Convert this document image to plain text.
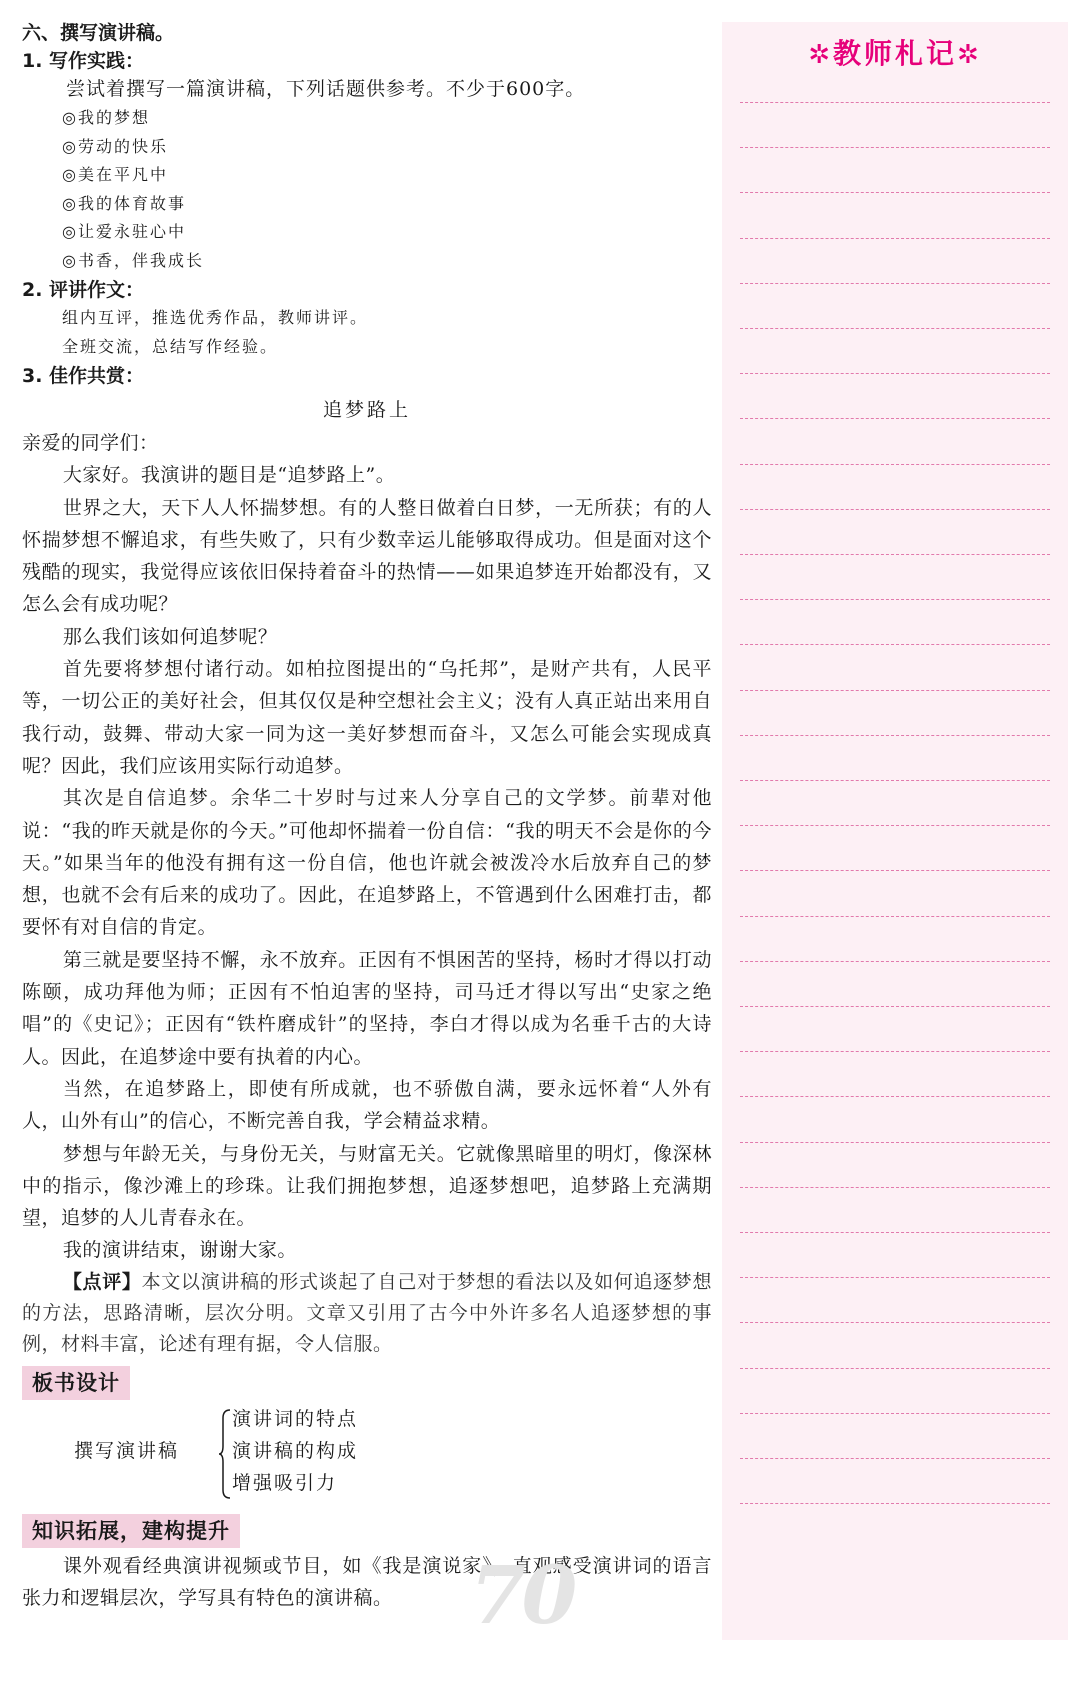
六、撰写演讲稿。
1. 写作实践：

尝试着撰写一篇演讲稿，下列话题供参考。不少于600字。

◎我的梦想
◎劳动的快乐
◎美在平凡中
◎我的体育故事
◎让爱永驻心中
◎书香，伴我成长
2. 评讲作文：
组内互评，推选优秀作品，教师讲评。
全班交流，总结写作经验。
3. 佳作共赏：
追梦路上

亲爱的同学们：

大家好。我演讲的题目是“追梦路上”。

世界之大，天下人人怀揣梦想。有的人整日做着白日梦，一无所获；有的人怀揣梦想不懈追求，有些失败了，只有少数幸运儿能够取得成功。但是面对这个残酷的现实，我觉得应该依旧保持着奋斗的热情——如果追梦连开始都没有，又怎么会有成功呢？

那么我们该如何追梦呢？

首先要将梦想付诸行动。如柏拉图提出的“乌托邦”，是财产共有，人民平等，一切公正的美好社会，但其仅仅是种空想社会主义；没有人真正站出来用自我行动，鼓舞、带动大家一同为这一美好梦想而奋斗，又怎么可能会实现成真呢？因此，我们应该用实际行动追梦。

其次是自信追梦。余华二十岁时与过来人分享自己的文学梦。前辈对他说：“我的昨天就是你的今天。”可他却怀揣着一份自信：“我的明天不会是你的今天。”如果当年的他没有拥有这一份自信，他也许就会被泼冷水后放弃自己的梦想，也就不会有后来的成功了。因此，在追梦路上，不管遇到什么困难打击，都要怀有对自信的肯定。

第三就是要坚持不懈，永不放弃。正因有不惧困苦的坚持，杨时才得以打动陈颐，成功拜他为师；正因有不怕迫害的坚持，司马迁才得以写出“史家之绝唱”的《史记》；正因有“铁杵磨成针”的坚持，李白才得以成为名垂千古的大诗人。因此，在追梦途中要有执着的内心。

当然，在追梦路上，即使有所成就，也不骄傲自满，要永远怀着“人外有人，山外有山”的信心，不断完善自我，学会精益求精。

梦想与年龄无关，与身份无关，与财富无关。它就像黑暗里的明灯，像深林中的指示，像沙滩上的珍珠。让我们拥抱梦想，追逐梦想吧，追梦路上充满期望，追梦的人儿青春永在。

我的演讲结束，谢谢大家。

【点评】本文以演讲稿的形式谈起了自己对于梦想的看法以及如何追逐梦想的方法，思路清晰，层次分明。文章又引用了古今中外许多名人追逐梦想的事例，材料丰富，论述有理有据，令人信服。

板书设计
撰写演讲稿
演讲词的特点
演讲稿的构成
增强吸引力
知识拓展，建构提升

课外观看经典演讲视频或节目，如《我是演说家》，直观感受演讲词的语言张力和逻辑层次，学写具有特色的演讲稿。 70
✲教师札记✲
